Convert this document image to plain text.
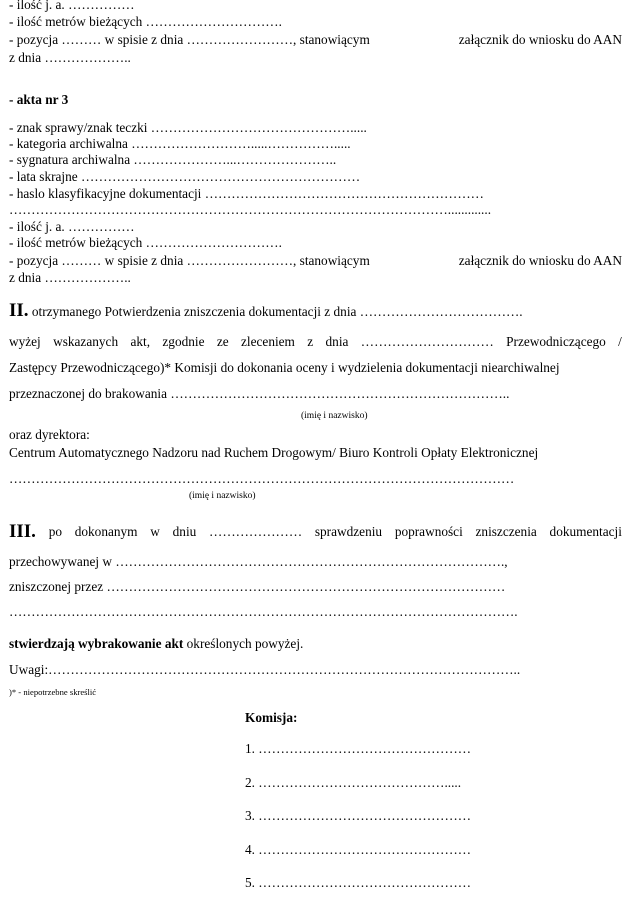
- ilość j. a. ……………
- ilość metrów bieżących ………………………….
- pozycja ……… w spisie z dnia ……………………, stanowiącym	załącznik do wniosku do AAN
z dnia ………………..
- akta nr 3
- znak sprawy/znak teczki ……………………………………….....
- kategoria archiwalna ……………………….....…………….....
- sygnatura archiwalna …………………...…………………..
- lata skrajne ………………………………………………………
- haslo klasyfikacyjne dokumentacji ………………………………………………………
……………………………………………………………………………………….............
- ilość j. a. ……………
- ilość metrów bieżących ………………………….
- pozycja ……… w spisie z dnia ……………………, stanowiącym	załącznik do wniosku do AAN
z dnia ………………..
II. otrzymanego Potwierdzenia zniszczenia dokumentacji z dnia ……………………………….
wyżej wskazanych akt, zgodnie ze zleceniem z dnia ………………………… Przewodniczącego /
Zastępcy Przewodniczącego)* Komisji do dokonania oceny i wydzielenia dokumentacji niearchiwalnej
przeznaczonej do brakowania …………………………………………………………………..
(imię i nazwisko)
oraz dyrektora:
Centrum Automatycznego Nadzoru nad Ruchem Drogowym/ Biuro Kontroli Opłaty Elektronicznej
……………………………………………………………………………………………………
(imię i nazwisko)
III. po dokonanym w dniu ………………… sprawdzeniu poprawności zniszczenia dokumentacji
przechowywanej w …………………………………………………………………………….,
zniszczonej przez ………………………………………………………………………………
…………………………………………………………………………………………………….
stwierdzają wybrakowanie akt określonych powyżej.
Uwagi:……………………………………………………………………………………………..
)* - niepotrzebne skreślić
Komisja:
1. …………………………………………
2. …………………………………….....
3. …………………………………………
4. …………………………………………
5. …………………………………………
